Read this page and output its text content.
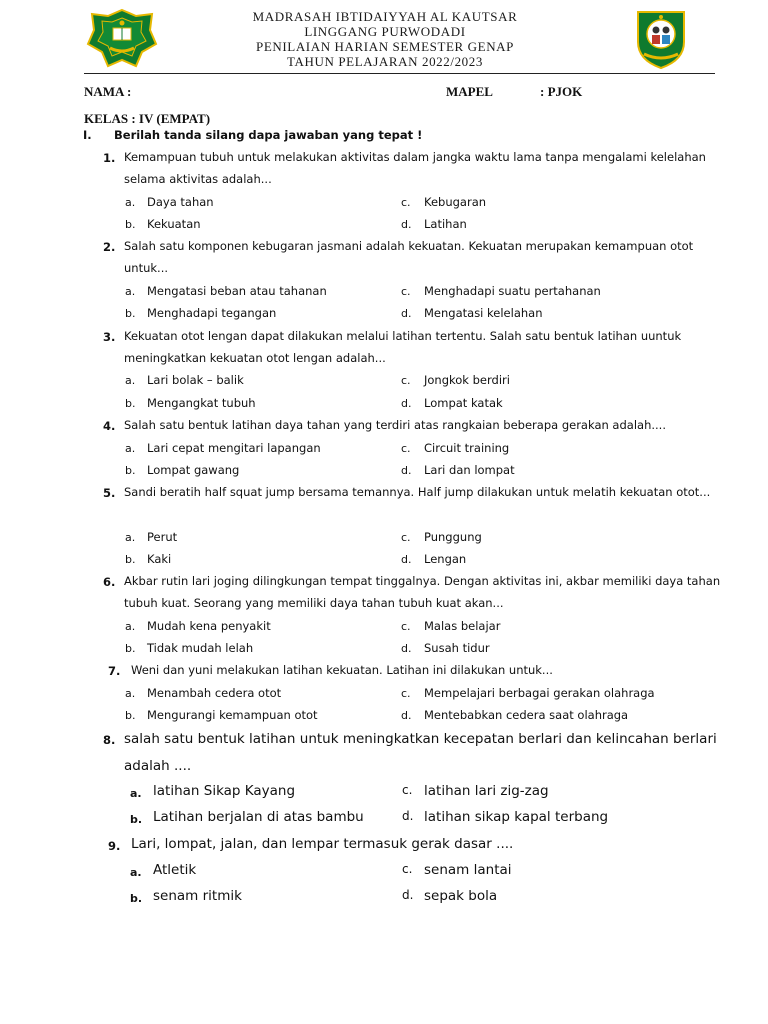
MADRASAH IBTIDAIYYAH AL KAUTSAR
LINGGANG PURWODADI
PENILAIAN HARIAN SEMESTER GENAP
TAHUN PELAJARAN 2022/2023
NAMA :	MAPEL	: PJOK
KELAS : IV (EMPAT)
I. Berilah tanda silang dapa jawaban yang tepat !
1. Kemampuan tubuh untuk melakukan aktivitas dalam jangka waktu lama tanpa mengalami kelelahan selama aktivitas adalah...
a. Daya tahan	c. Kebugaran
b. Kekuatan	d. Latihan
2. Salah satu komponen kebugaran jasmani adalah kekuatan. Kekuatan merupakan kemampuan otot untuk...
a. Mengatasi beban atau tahanan	c. Menghadapi suatu pertahanan
b. Menghadapi tegangan	d. Mengatasi kelelahan
3. Kekuatan otot lengan dapat dilakukan melalui latihan tertentu. Salah satu bentuk latihan uuntuk meningkatkan kekuatan otot lengan adalah...
a. Lari bolak – balik	c. Jongkok berdiri
b. Mengangkat tubuh	d. Lompat katak
4. Salah satu bentuk latihan daya tahan yang terdiri atas rangkaian beberapa gerakan adalah....
a. Lari cepat mengitari lapangan	c. Circuit training
b. Lompat gawang	d. Lari dan lompat
5. Sandi beratih half squat jump bersama temannya. Half jump dilakukan untuk melatih kekuatan otot...
a. Perut	c. Punggung
b. Kaki	d. Lengan
6. Akbar rutin lari joging dilingkungan tempat tinggalnya. Dengan aktivitas ini, akbar memiliki daya tahan tubuh kuat. Seorang yang memiliki daya tahan tubuh kuat akan...
a. Mudah kena penyakit	c. Malas belajar
b. Tidak mudah lelah	d. Susah tidur
7. Weni dan yuni melakukan latihan kekuatan. Latihan ini dilakukan untuk...
a. Menambah cedera otot	c. Mempelajari berbagai gerakan olahraga
b. Mengurangi kemampuan otot	d. Mentebabkan cedera saat olahraga
8. salah satu bentuk latihan untuk meningkatkan kecepatan berlari dan kelincahan berlari adalah ....
a. latihan Sikap Kayang	c. latihan lari zig-zag
b. Latihan berjalan di atas bambu	d. latihan sikap kapal terbang
9. Lari, lompat, jalan, dan lempar termasuk gerak dasar ....
a. Atletik	c. senam lantai
b. senam ritmik	d. sepak bola
